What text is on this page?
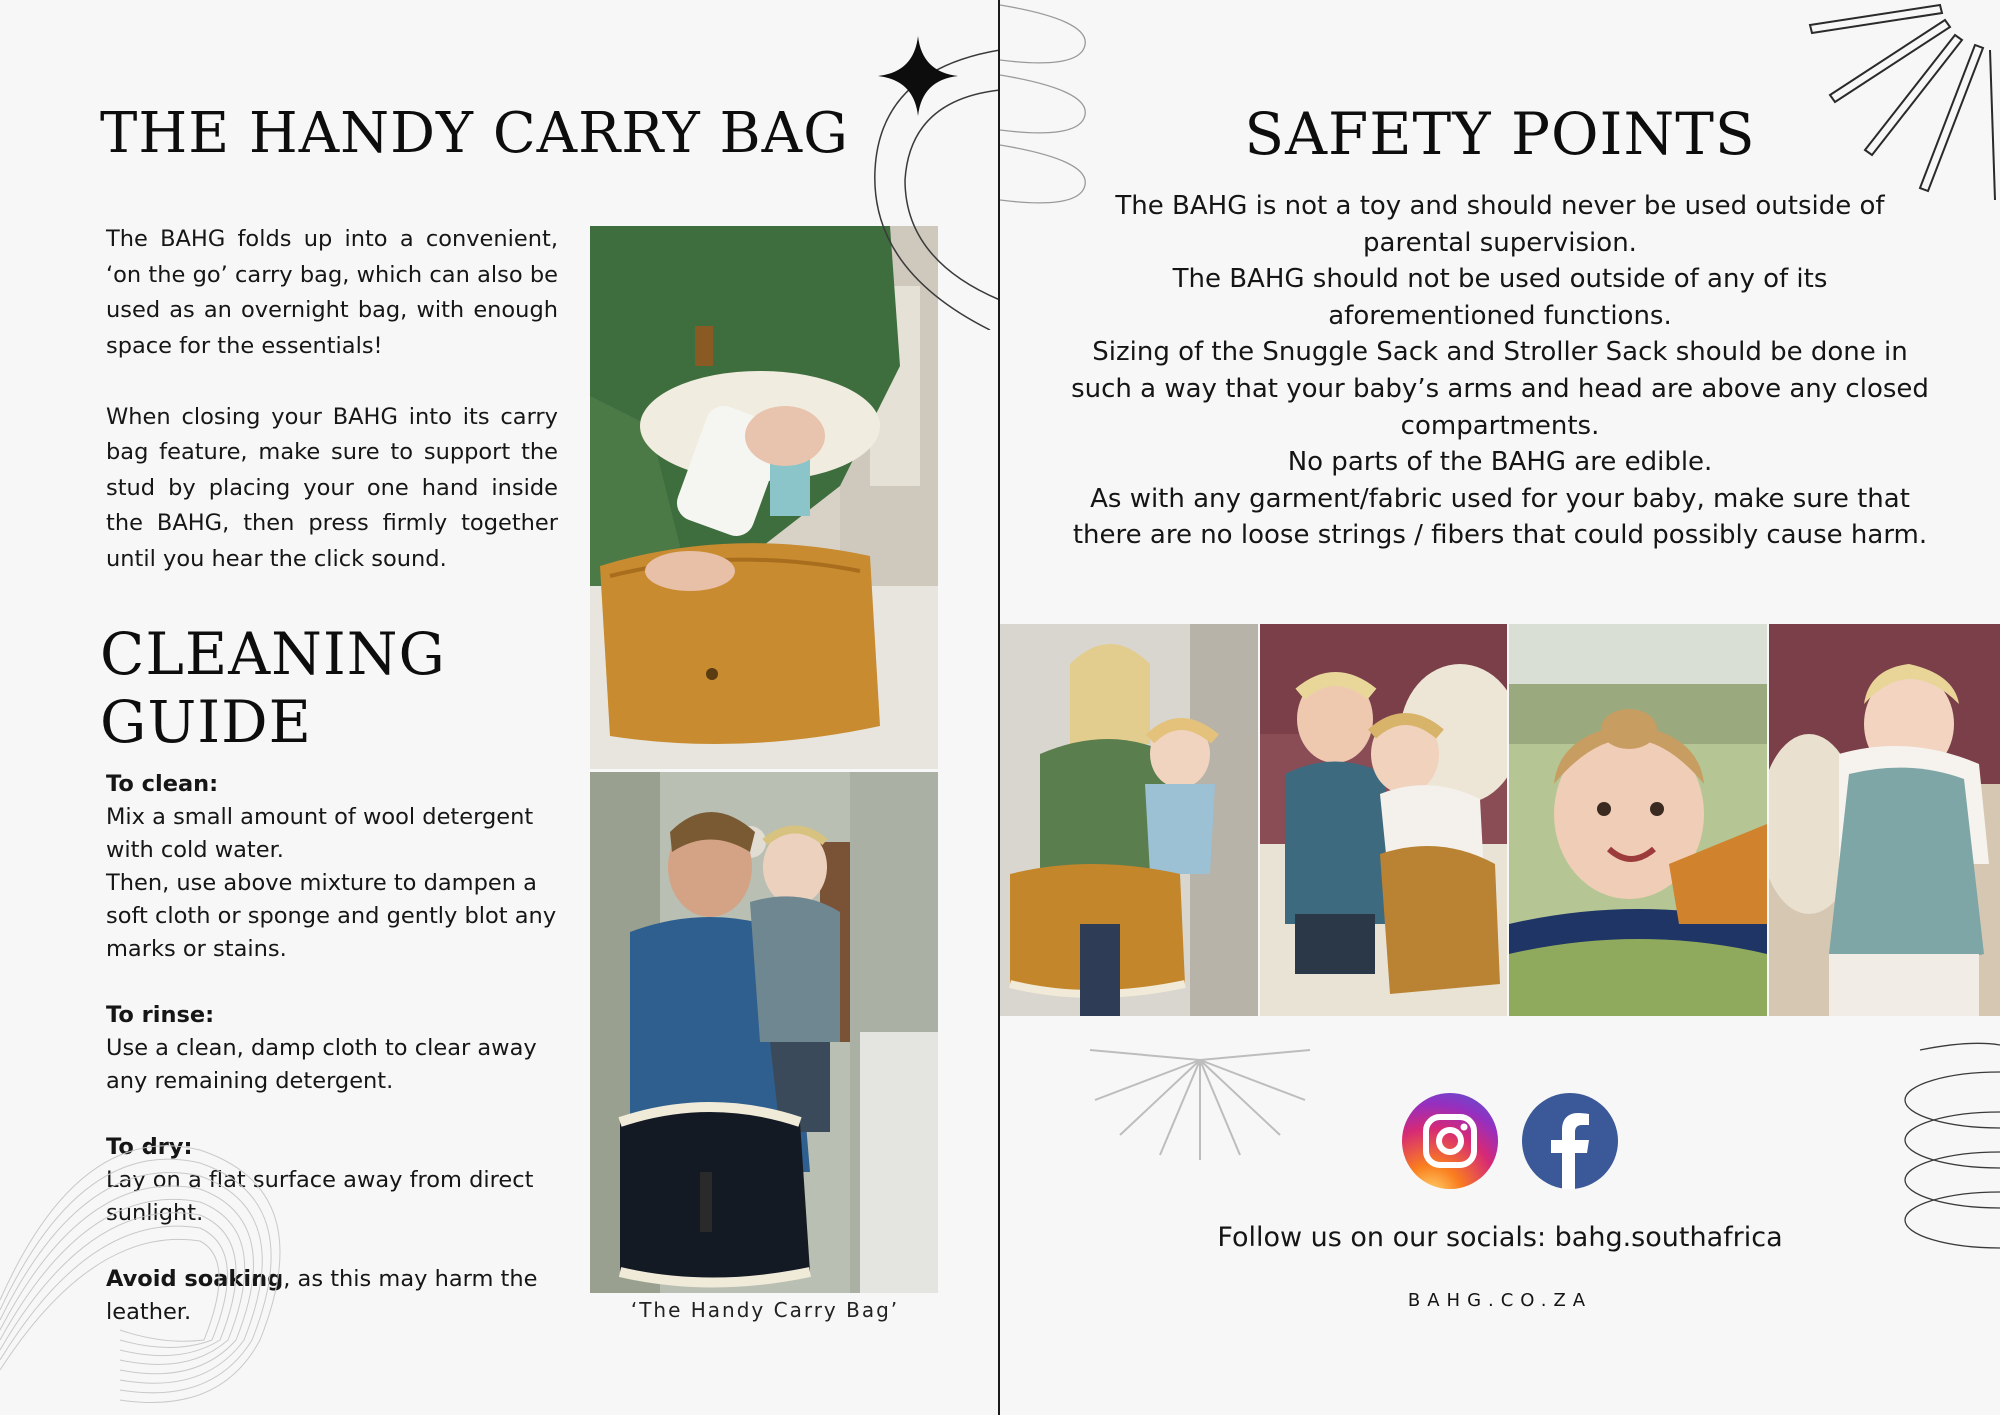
THE HANDY CARRY BAG

The BAHG folds up into a convenient, ‘on the go’ carry bag, which can also be used as an overnight bag, with enough space for the essentials!

When closing your BAHG into its carry bag feature, make sure to support the stud by placing your one hand inside the BAHG, then press firmly together until you hear the click sound.

CLEANING
GUIDE
To clean:
Mix a small amount of wool detergent with cold water.
Then, use above mixture to dampen a soft cloth or sponge and gently blot any marks or stains.
To rinse:
Use a clean, damp cloth to clear away any remaining detergent.
To dry:
Lay on a flat surface away from direct sunlight.
Avoid soaking, as this may harm the leather.	‘The Handy Carry Bag’
SAFETY POINTS

The BAHG is not a toy and should never be used outside of parental supervision.

The BAHG should not be used outside of any of its aforementioned functions.

Sizing of the Snuggle Sack and Stroller Sack should be done in such a way that your baby’s arms and head are above any closed compartments.

No parts of the BAHG are edible.

As with any garment/fabric used for your baby, make sure that there are no loose strings / fibers that could possibly cause harm.

Follow us on our socials: bahg.southafrica
BAHG.CO.ZA
